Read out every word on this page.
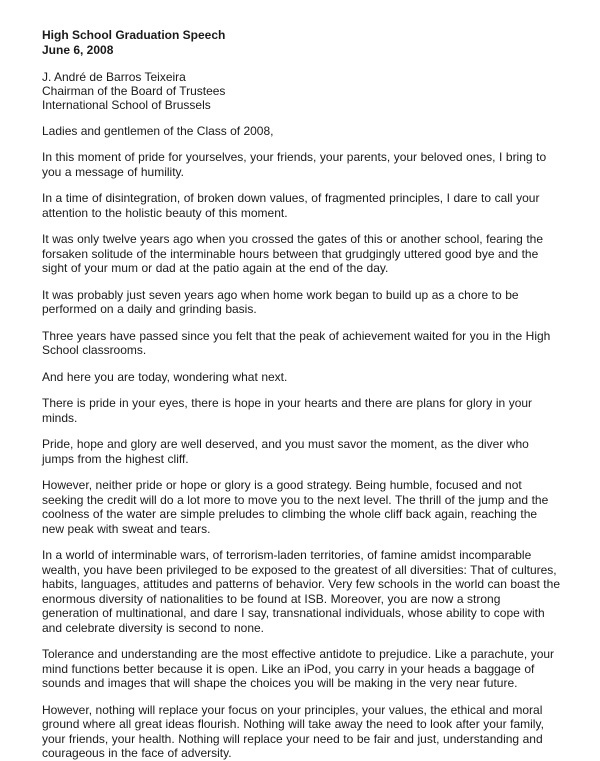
High School Graduation Speech
June 6, 2008
J. André de Barros Teixeira
Chairman of the Board of Trustees
International School of Brussels
Ladies and gentlemen of the Class of 2008,
In this moment of pride for yourselves, your friends, your parents, your beloved ones, I bring to you a message of humility.
In a time of disintegration, of broken down values, of fragmented principles, I dare to call your attention to the holistic beauty of this moment.
It was only twelve years ago when you crossed the gates of this or another school, fearing the forsaken solitude of the interminable hours between that grudgingly uttered good bye and the sight of your mum or dad at the patio again at the end of the day.
It was probably just seven years ago when home work began to build up as a chore to be performed on a daily and grinding basis.
Three years have passed since you felt that the peak of achievement waited for you in the High School classrooms.
And here you are today, wondering what next.
There is pride in your eyes, there is hope in your hearts and there are plans for glory in your minds.
Pride, hope and glory are well deserved, and you must savor the moment, as the diver who jumps from the highest cliff.
However, neither pride or hope or glory is a good strategy. Being humble, focused and not seeking the credit will do a lot more to move you to the next level. The thrill of the jump and the coolness of the water are simple preludes to climbing the whole cliff back again, reaching the new peak with sweat and tears.
In a world of interminable wars, of terrorism-laden territories, of famine amidst incomparable wealth, you have been privileged to be exposed to the greatest of all diversities: That of cultures, habits, languages, attitudes and patterns of behavior. Very few schools in the world can boast the enormous diversity of nationalities to be found at ISB. Moreover, you are now a strong generation of multinational, and dare I say, transnational individuals, whose ability to cope with and celebrate diversity is second to none.
Tolerance and understanding are the most effective antidote to prejudice. Like a parachute, your mind functions better because it is open. Like an iPod, you carry in your heads a baggage of sounds and images that will shape the choices you will be making in the very near future.
However, nothing will replace your focus on your principles, your values, the ethical and moral ground where all great ideas flourish. Nothing will take away the need to look after your family, your friends, your health. Nothing will replace your need to be fair and just, understanding and courageous in the face of adversity.
